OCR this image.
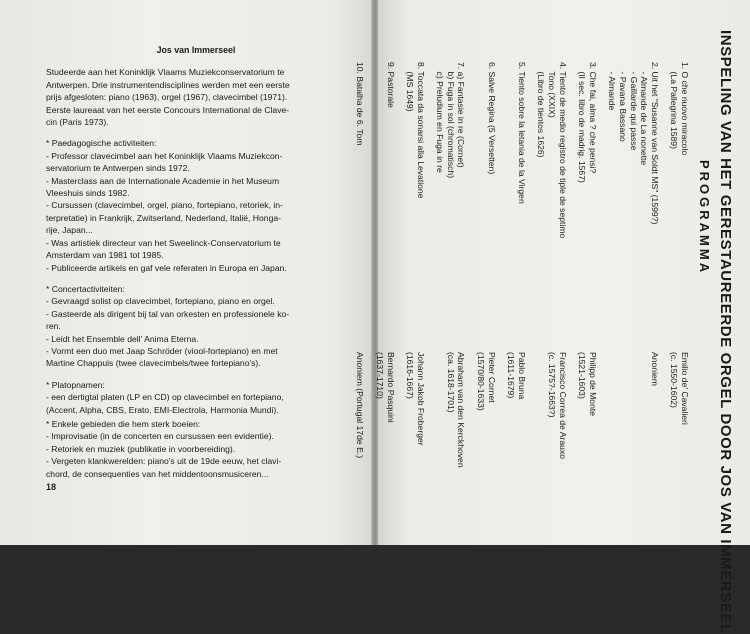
Jos van Immerseel

Studeerde aan het Koninklijk Vlaams Muziekconservatorium te

Antwerpen. Drie instrumentendisciplines werden met een eerste

prijs afgesloten: piano (1963), orgel (1967), clavecimbel (1971).

Eerste laureaat van het eerste Concours International de Clave-

cin (Paris 1973).

* Paedagogische activiteiten:

- Professor clavecimbel aan het Koninklijk Vlaams Muziekcon-

servatorium te Antwerpen sinds 1972.

- Masterclass aan de Internationale Academie in het Museum

Vleeshuis sinds 1982.

- Cursussen (clavecimbel, orgel, piano, fortepiano, retoriek, in-

terpretatie) in Frankrijk, Zwitserland, Nederland, Italië, Honga-

rije, Japan...

- Was artistiek directeur van het Sweelinck-Conservatorium te

Amsterdam van 1981 tot 1985.

- Publiceerde artikels en gaf vele referaten in Europa en Japan.

* Concertactiviteiten:

- Gevraagd solist op clavecimbel, fortepiano, piano en orgel.

- Gasteerde als dirigent bij tal van orkesten en professionele ko-

ren.

- Leidt het Ensemble dell' Anima Eterna.

- Vormt een duo met Jaap Schröder (viool-fortepiano) en met

Martine Chappuis (twee clavecimbels/twee fortepiano's).

* Platopnamen:

- een dertigtal platen (LP en CD) op clavecimbel en fortepiano,

(Accent, Alpha, CBS, Erato, EMI-Electrola, Harmonia Mundi).

* Enkele gebieden die hem sterk boeien:

- Improvisatie (in de concerten en cursussen een evidentie).

- Retoriek en muziek (publikatie in voorbereiding).

- Vergeten klankwerelden: piano's uit de 19de eeuw, het clavi-

chord, de consequenties van het middentoonsmusiceren...

18	INSPELING VAN HET GERESTAUREERDE ORGEL DOOR JOS VAN IMMERSEEL
PROGRAMMA
1. O che nuovo miracolo
(La Pallegrina 1589)
Emilio de' Cavalieri
(c. 1550-1602)
2. Uit het "Susanne van Soldt MS" (1599?)
- Almande de La nonette
- Gaillarde qui passe
- Pavana Bassano
- Almande
Anoniem
3. Che fai, alma ? che pensi?
(Il sec. libro de madrig. 1567)
Philipp de Monte
(1521-1603)
4. Tiento de medio registro de tiple de septimo
Tono (XXIX)
(Libro de tientos 1626)
Francisco Correa de Arauxo
(c. 1575?-1663?)
5. Tiento sobre la letania de la Virgen
Pablo Bruna
(1611-1679)
6. Salve Regina (5 Versetten)
Pieter Cornet
(1570/80-1633)
7. a) Fantasie in re (Cornet)
b) Fuga in sol (chromatisch)
c) Preludium en Fuga in re
Abraham van den Kerckhoven
(ca. 1618-1701)
8. Toccata da sonarsi alla Levatione
(MS 1649)
Johann Jakob Froberger
(1616-1667)
9. Pastorale
Bernardo Pasquini
(1637-1710)
10. Batalha de 6. Tom
Anoniem (Portugal 17de E.)
